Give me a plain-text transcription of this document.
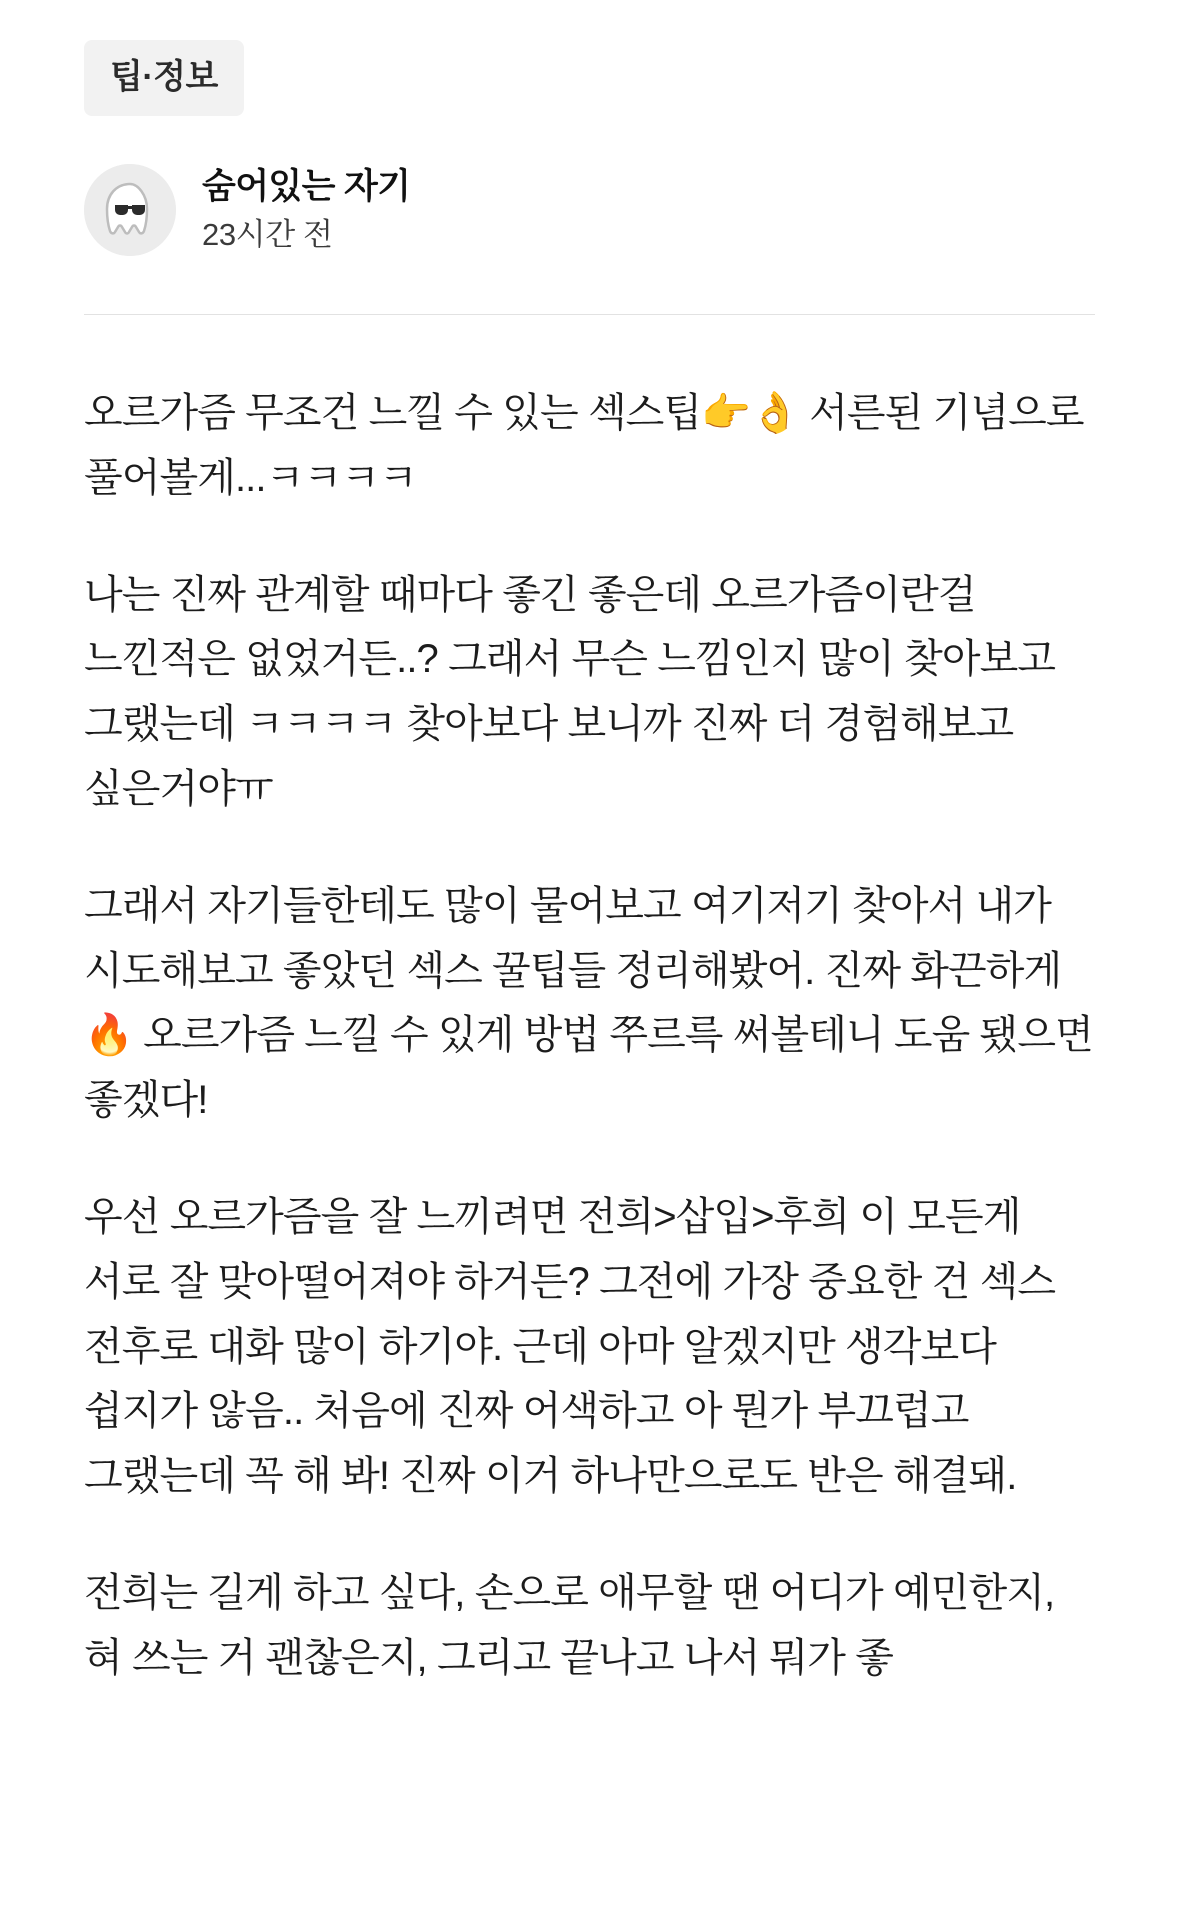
팁·정보
숨어있는 자기
23시간 전

오르가즘 무조건 느낄 수 있는 섹스팁👉👌 서른된 기념으로 풀어볼게...ㅋㅋㅋㅋ

나는 진짜 관계할 때마다 좋긴 좋은데 오르가즘이란걸 느낀적은 없었거든..? 그래서 무슨 느낌인지 많이 찾아보고 그랬는데 ㅋㅋㅋㅋ 찾아보다 보니까 진짜 더 경험해보고 싶은거야ㅠ

그래서 자기들한테도 많이 물어보고 여기저기 찾아서 내가 시도해보고 좋았던 섹스 꿀팁들 정리해봤어. 진짜 화끈하게 🔥 오르가즘 느낄 수 있게 방법 쭈르륵 써볼테니 도움 됐으면 좋겠다!

우선 오르가즘을 잘 느끼려면 전희>삽입>후희 이 모든게 서로 잘 맞아떨어져야 하거든? 그전에 가장 중요한 건 섹스 전후로 대화 많이 하기야. 근데 아마 알겠지만 생각보다 쉽지가 않음.. 처음에 진짜 어색하고 아 뭔가 부끄럽고 그랬는데 꼭 해 봐! 진짜 이거 하나만으로도 반은 해결돼.

전희는 길게 하고 싶다, 손으로 애무할 땐 어디가 예민한지, 혀 쓰는 거 괜찮은지, 그리고 끝나고 나서 뭐가 좋
